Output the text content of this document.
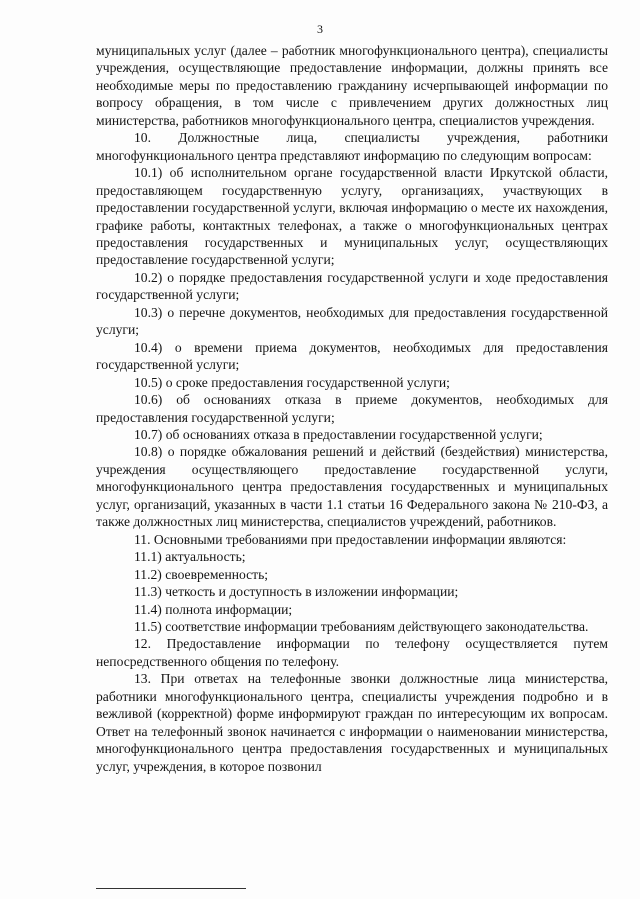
3

муниципальных услуг (далее – работник многофункционального центра), специалисты учреждения, осуществляющие предоставление информации, должны принять все необходимые меры по предоставлению гражданину исчерпывающей информации по вопросу обращения, в том числе с привлечением других должностных лиц министерства, работников многофункционального центра, специалистов учреждения.

10. Должностные лица, специалисты учреждения, работники многофункционального центра представляют информацию по следующим вопросам:

10.1) об исполнительном органе государственной власти Иркутской области, предоставляющем государственную услугу, организациях, участвующих в предоставлении государственной услуги, включая информацию о месте их нахождения, графике работы, контактных телефонах, а также о многофункциональных центрах предоставления государственных и муниципальных услуг, осуществляющих предоставление государственной услуги;

10.2) о порядке предоставления государственной услуги и ходе предоставления государственной услуги;

10.3) о перечне документов, необходимых для предоставления государственной услуги;

10.4) о времени приема документов, необходимых для предоставления государственной услуги;

10.5) о сроке предоставления государственной услуги;

10.6) об основаниях отказа в приеме документов, необходимых для предоставления государственной услуги;

10.7) об основаниях отказа в предоставлении государственной услуги;

10.8) о порядке обжалования решений и действий (бездействия) министерства, учреждения осуществляющего предоставление государственной услуги, многофункционального центра предоставления государственных и муниципальных услуг, организаций, указанных в части 1.1 статьи 16 Федерального закона № 210-ФЗ, а также должностных лиц министерства, специалистов учреждений, работников.

11. Основными требованиями при предоставлении информации являются:

11.1) актуальность;

11.2) своевременность;

11.3) четкость и доступность в изложении информации;

11.4) полнота информации;

11.5) соответствие информации требованиям действующего законодательства.

12. Предоставление информации по телефону осуществляется путем непосредственного общения по телефону.

13. При ответах на телефонные звонки должностные лица министерства, работники многофункционального центра, специалисты учреждения подробно и в вежливой (корректной) форме информируют граждан по интересующим их вопросам. Ответ на телефонный звонок начинается с информации о наименовании министерства, многофункционального центра предоставления государственных и муниципальных услуг, учреждения, в которое позвонил
